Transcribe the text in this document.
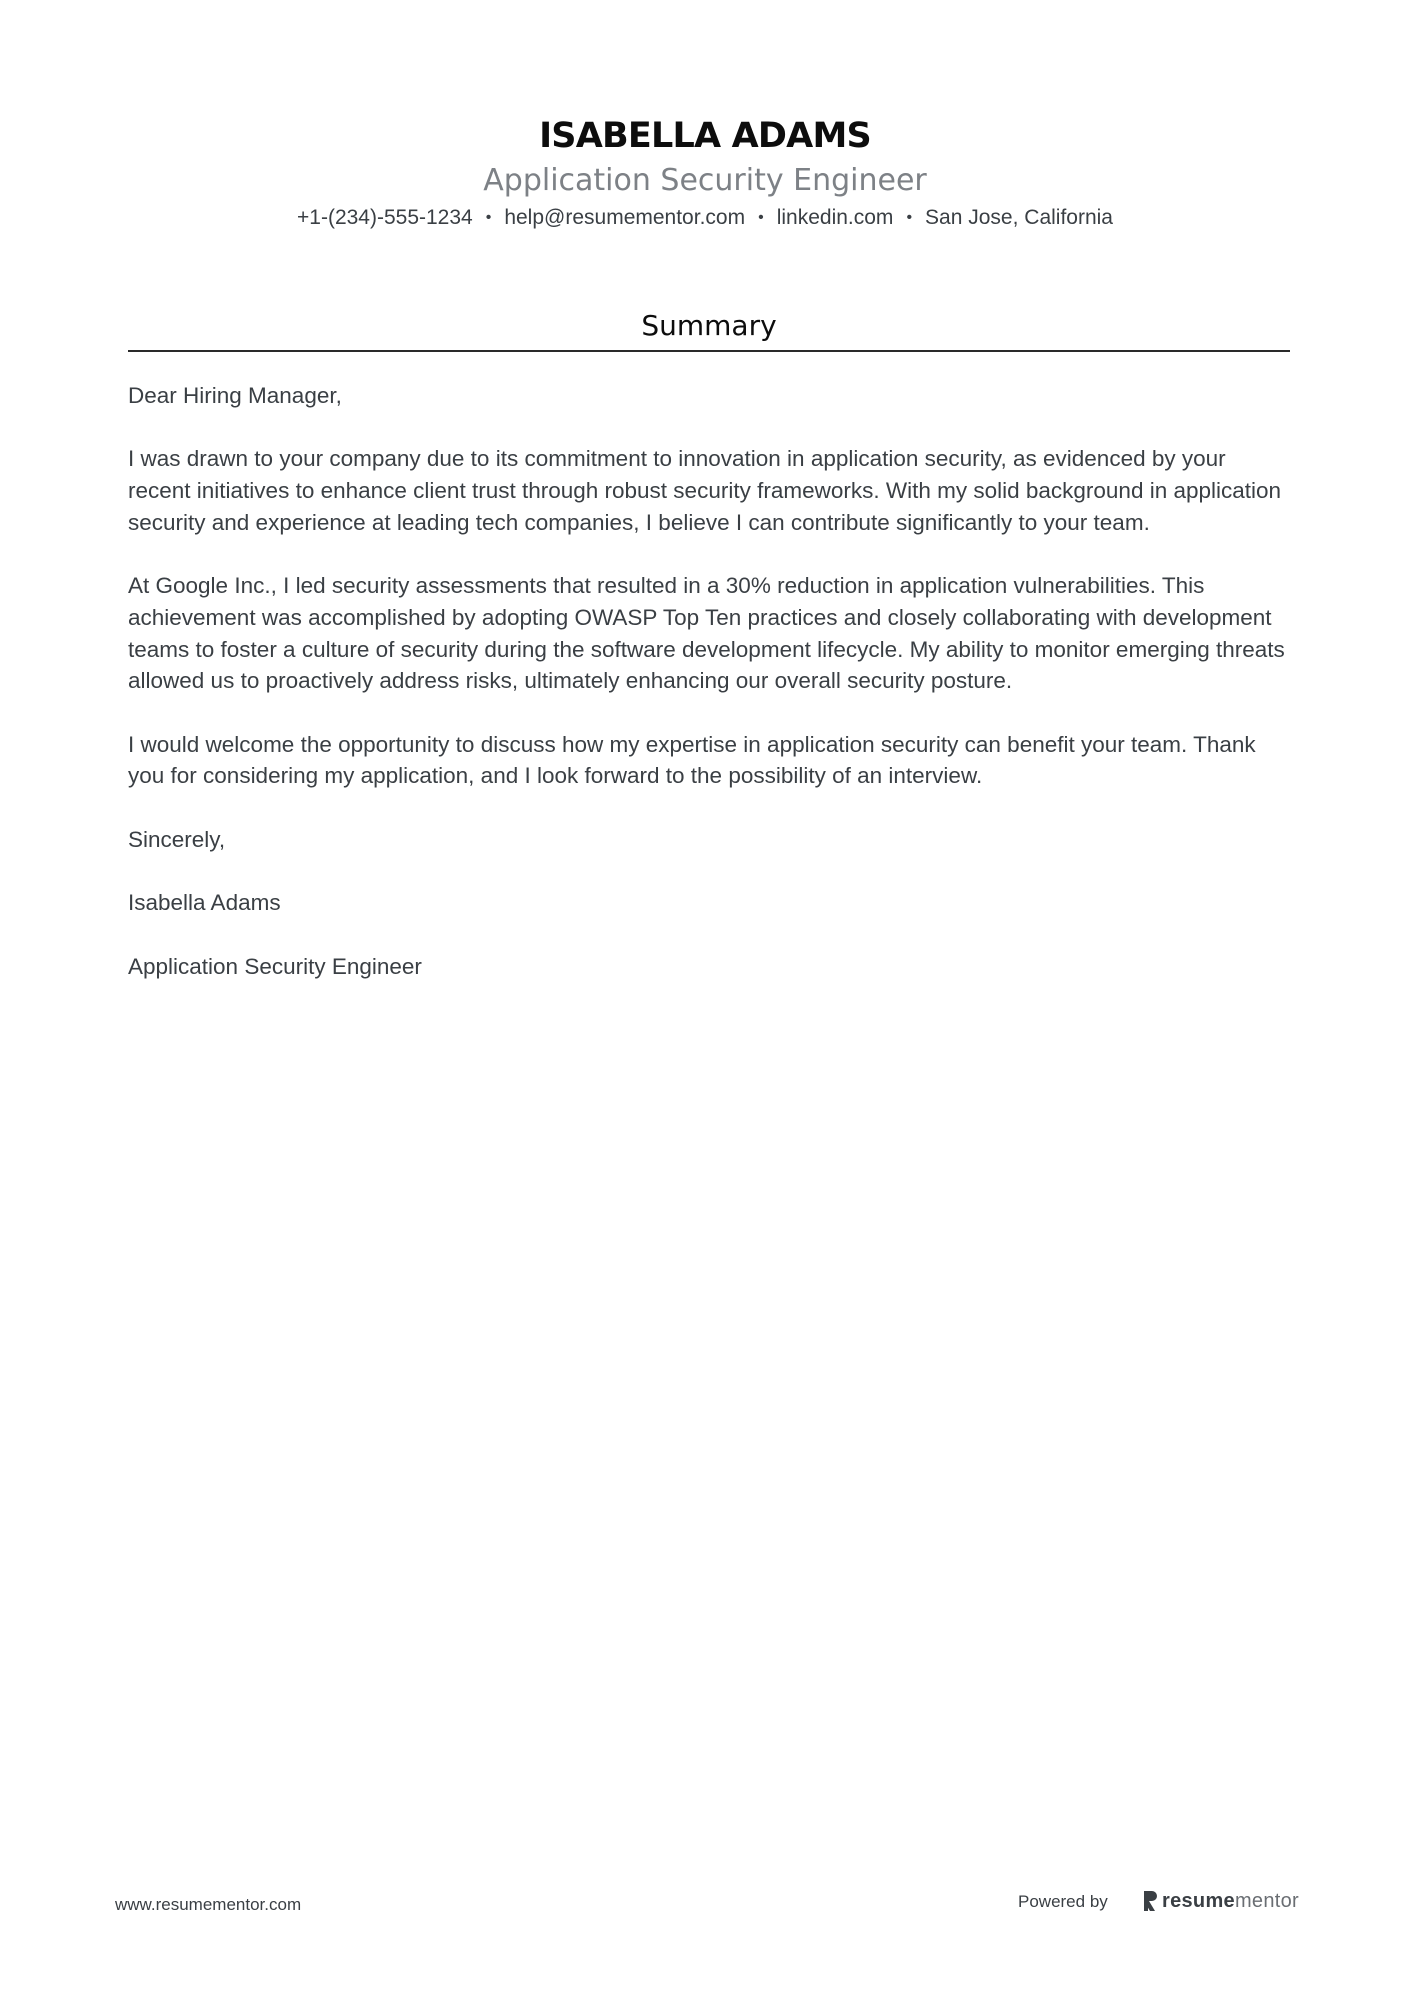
ISABELLA ADAMS
Application Security Engineer
+1-(234)-555-1234 • help@resumementor.com • linkedin.com • San Jose, California
Summary

Dear Hiring Manager,

I was drawn to your company due to its commitment to innovation in application security, as evidenced by your recent initiatives to enhance client trust through robust security frameworks. With my solid background in application security and experience at leading tech companies, I believe I can contribute significantly to your team.

At Google Inc., I led security assessments that resulted in a 30% reduction in application vulnerabilities. This achievement was accomplished by adopting OWASP Top Ten practices and closely collaborating with development teams to foster a culture of security during the software development lifecycle. My ability to monitor emerging threats allowed us to proactively address risks, ultimately enhancing our overall security posture.

I would welcome the opportunity to discuss how my expertise in application security can benefit your team. Thank you for considering my application, and I look forward to the possibility of an interview.

Sincerely,

Isabella Adams

Application Security Engineer

www.resumementor.com	Powered by	resumementor
